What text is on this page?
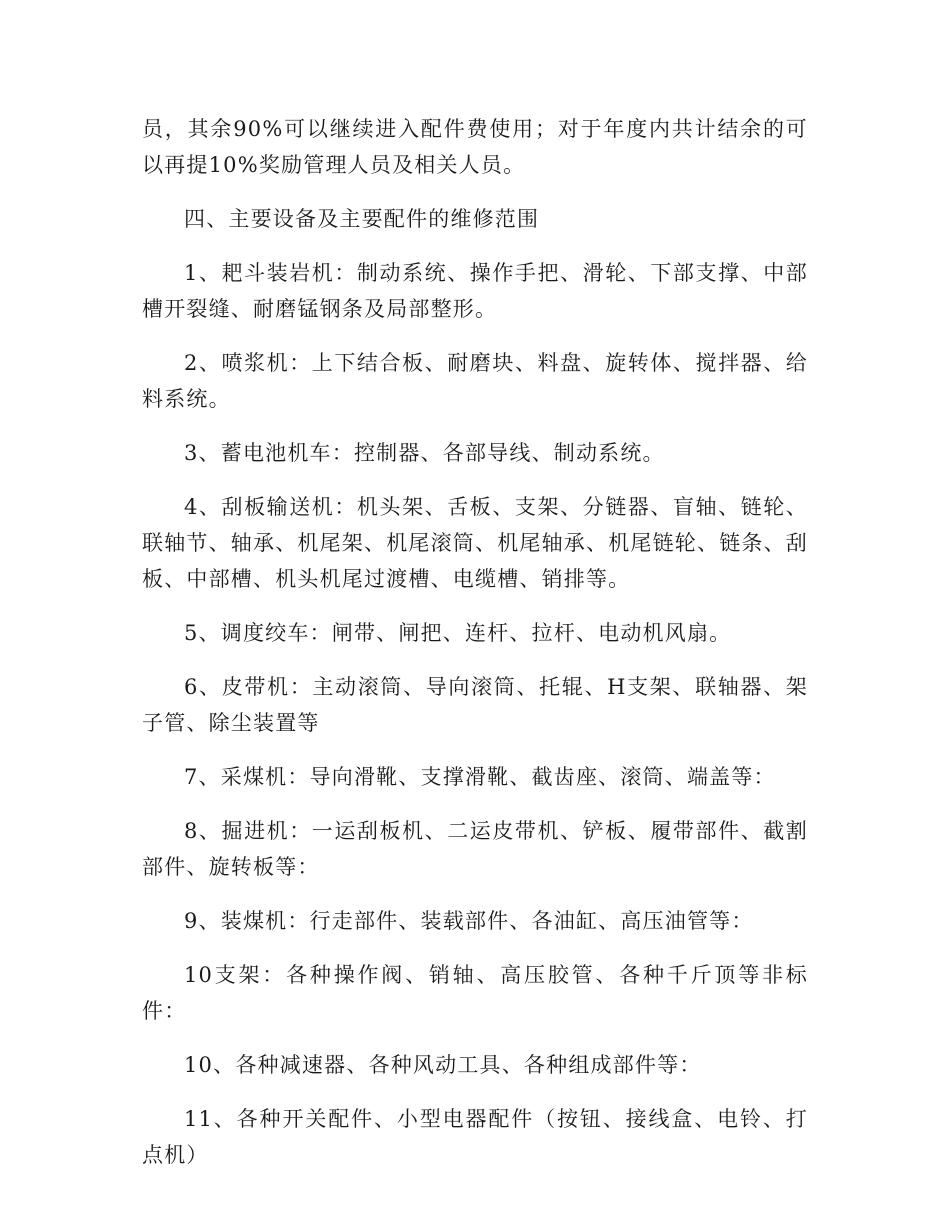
员，其余90%可以继续进入配件费使用；对于年度内共计结余的可以再提10%奖励管理人员及相关人员。

四、主要设备及主要配件的维修范围

1、耙斗装岩机：制动系统、操作手把、滑轮、下部支撑、中部槽开裂缝、耐磨锰钢条及局部整形。

2、喷浆机：上下结合板、耐磨块、料盘、旋转体、搅拌器、给料系统。

3、蓄电池机车：控制器、各部导线、制动系统。

4、刮板输送机：机头架、舌板、支架、分链器、盲轴、链轮、联轴节、轴承、机尾架、机尾滚筒、机尾轴承、机尾链轮、链条、刮板、中部槽、机头机尾过渡槽、电缆槽、销排等。

5、调度绞车：闸带、闸把、连杆、拉杆、电动机风扇。

6、皮带机：主动滚筒、导向滚筒、托辊、H支架、联轴器、架子管、除尘装置等

7、采煤机：导向滑靴、支撑滑靴、截齿座、滚筒、端盖等：

8、掘进机：一运刮板机、二运皮带机、铲板、履带部件、截割部件、旋转板等：

9、装煤机：行走部件、装载部件、各油缸、高压油管等：

10支架：各种操作阀、销轴、高压胶管、各种千斤顶等非标件：

10、各种减速器、各种风动工具、各种组成部件等：

11、各种开关配件、小型电器配件（按钮、接线盒、电铃、打点机）
